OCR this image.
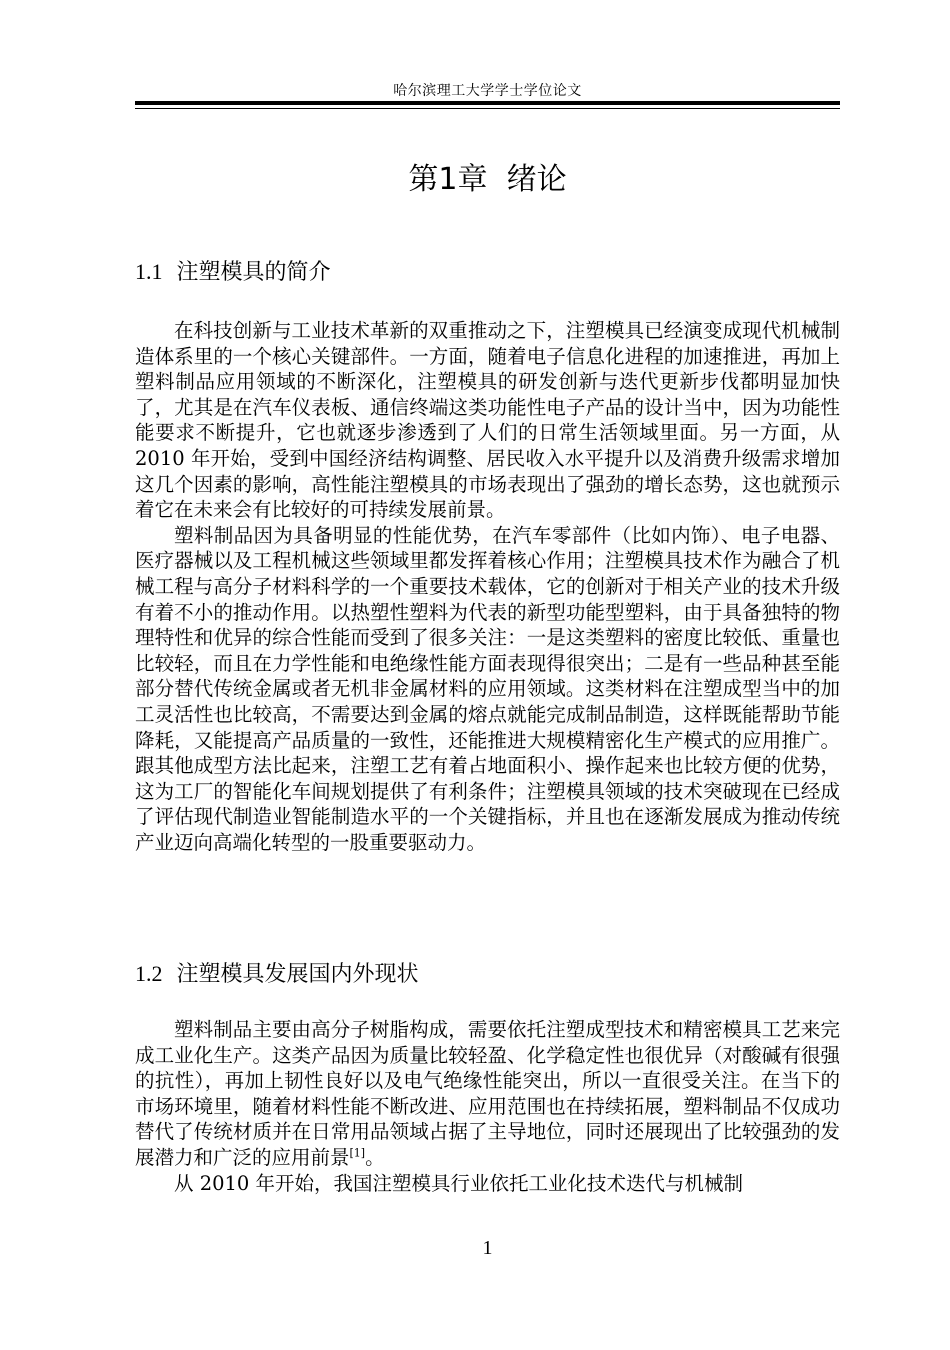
哈尔滨理工大学学士学位论文
第1章  绪论
1.1 注塑模具的简介

在科技创新与工业技术革新的双重推动之下，注塑模具已经演变成现代机械制造体系里的一个核心关键部件。一方面，随着电子信息化进程的加速推进，再加上塑料制品应用领域的不断深化，注塑模具的研发创新与迭代更新步伐都明显加快了，尤其是在汽车仪表板、通信终端这类功能性电子产品的设计当中，因为功能性能要求不断提升，它也就逐步渗透到了人们的日常生活领域里面。另一方面，从 2010 年开始，受到中国经济结构调整、居民收入水平提升以及消费升级需求增加这几个因素的影响，高性能注塑模具的市场表现出了强劲的增长态势，这也就预示着它在未来会有比较好的可持续发展前景。

塑料制品因为具备明显的性能优势，在汽车零部件（比如内饰）、电子电器、医疗器械以及工程机械这些领域里都发挥着核心作用；注塑模具技术作为融合了机械工程与高分子材料科学的一个重要技术载体，它的创新对于相关产业的技术升级有着不小的推动作用。以热塑性塑料为代表的新型功能型塑料，由于具备独特的物理特性和优异的综合性能而受到了很多关注：一是这类塑料的密度比较低、重量也比较轻，而且在力学性能和电绝缘性能方面表现得很突出；二是有一些品种甚至能部分替代传统金属或者无机非金属材料的应用领域。这类材料在注塑成型当中的加工灵活性也比较高，不需要达到金属的熔点就能完成制品制造，这样既能帮助节能降耗，又能提高产品质量的一致性，还能推进大规模精密化生产模式的应用推广。跟其他成型方法比起来，注塑工艺有着占地面积小、操作起来也比较方便的优势，这为工厂的智能化车间规划提供了有利条件；注塑模具领域的技术突破现在已经成了评估现代制造业智能制造水平的一个关键指标，并且也在逐渐发展成为推动传统产业迈向高端化转型的一股重要驱动力。

1.2 注塑模具发展国内外现状

塑料制品主要由高分子树脂构成，需要依托注塑成型技术和精密模具工艺来完成工业化生产。这类产品因为质量比较轻盈、化学稳定性也很优异（对酸碱有很强的抗性），再加上韧性良好以及电气绝缘性能突出，所以一直很受关注。在当下的市场环境里，随着材料性能不断改进、应用范围也在持续拓展，塑料制品不仅成功替代了传统材质并在日常用品领域占据了主导地位，同时还展现出了比较强劲的发展潜力和广泛的应用前景[1]。

从 2010 年开始，我国注塑模具行业依托工业化技术迭代与机械制

1
